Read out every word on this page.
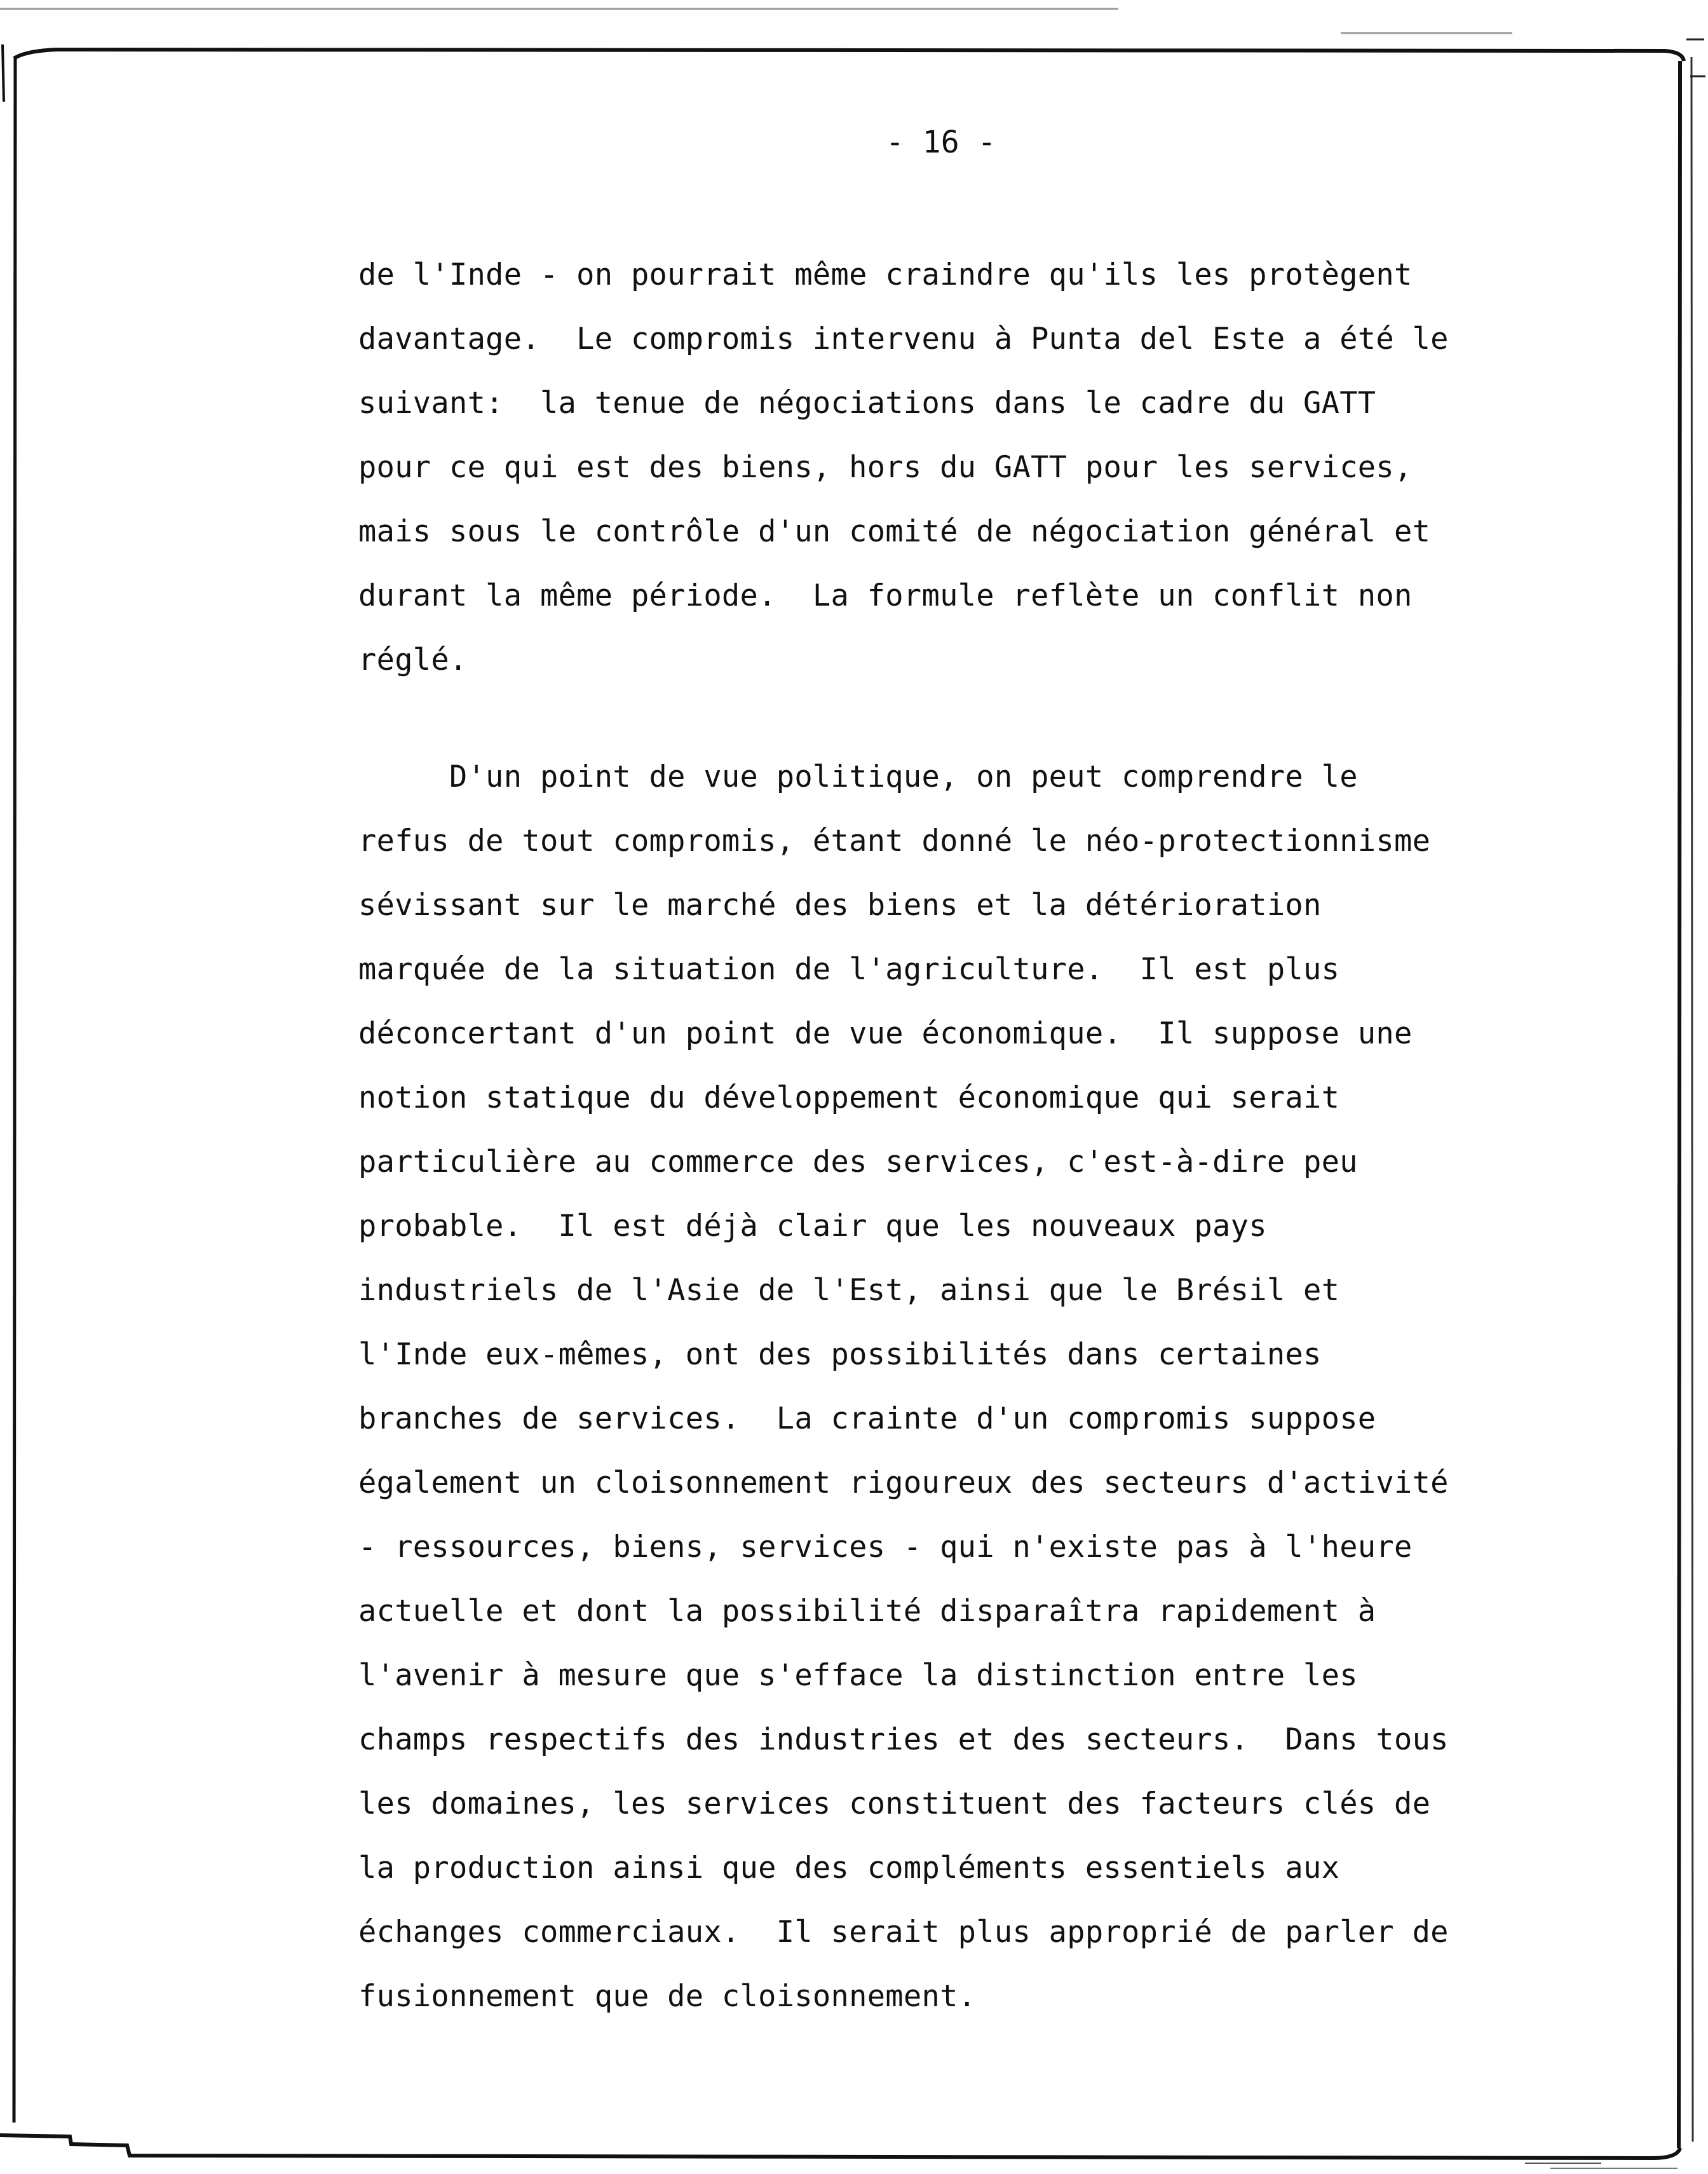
- 16 -
de l'Inde - on pourrait même craindre qu'ils les protègent
davantage.  Le compromis intervenu à Punta del Este a été le
suivant:  la tenue de négociations dans le cadre du GATT
pour ce qui est des biens, hors du GATT pour les services,
mais sous le contrôle d'un comité de négociation général et
durant la même période.  La formule reflète un conflit non
réglé.
D'un point de vue politique, on peut comprendre le
refus de tout compromis, étant donné le néo-protectionnisme
sévissant sur le marché des biens et la détérioration
marquée de la situation de l'agriculture.  Il est plus
déconcertant d'un point de vue économique.  Il suppose une
notion statique du développement économique qui serait
particulière au commerce des services, c'est-à-dire peu
probable.  Il est déjà clair que les nouveaux pays
industriels de l'Asie de l'Est, ainsi que le Brésil et
l'Inde eux-mêmes, ont des possibilités dans certaines
branches de services.  La crainte d'un compromis suppose
également un cloisonnement rigoureux des secteurs d'activité
- ressources, biens, services - qui n'existe pas à l'heure
actuelle et dont la possibilité disparaîtra rapidement à
l'avenir à mesure que s'efface la distinction entre les
champs respectifs des industries et des secteurs.  Dans tous
les domaines, les services constituent des facteurs clés de
la production ainsi que des compléments essentiels aux
échanges commerciaux.  Il serait plus approprié de parler de
fusionnement que de cloisonnement.
